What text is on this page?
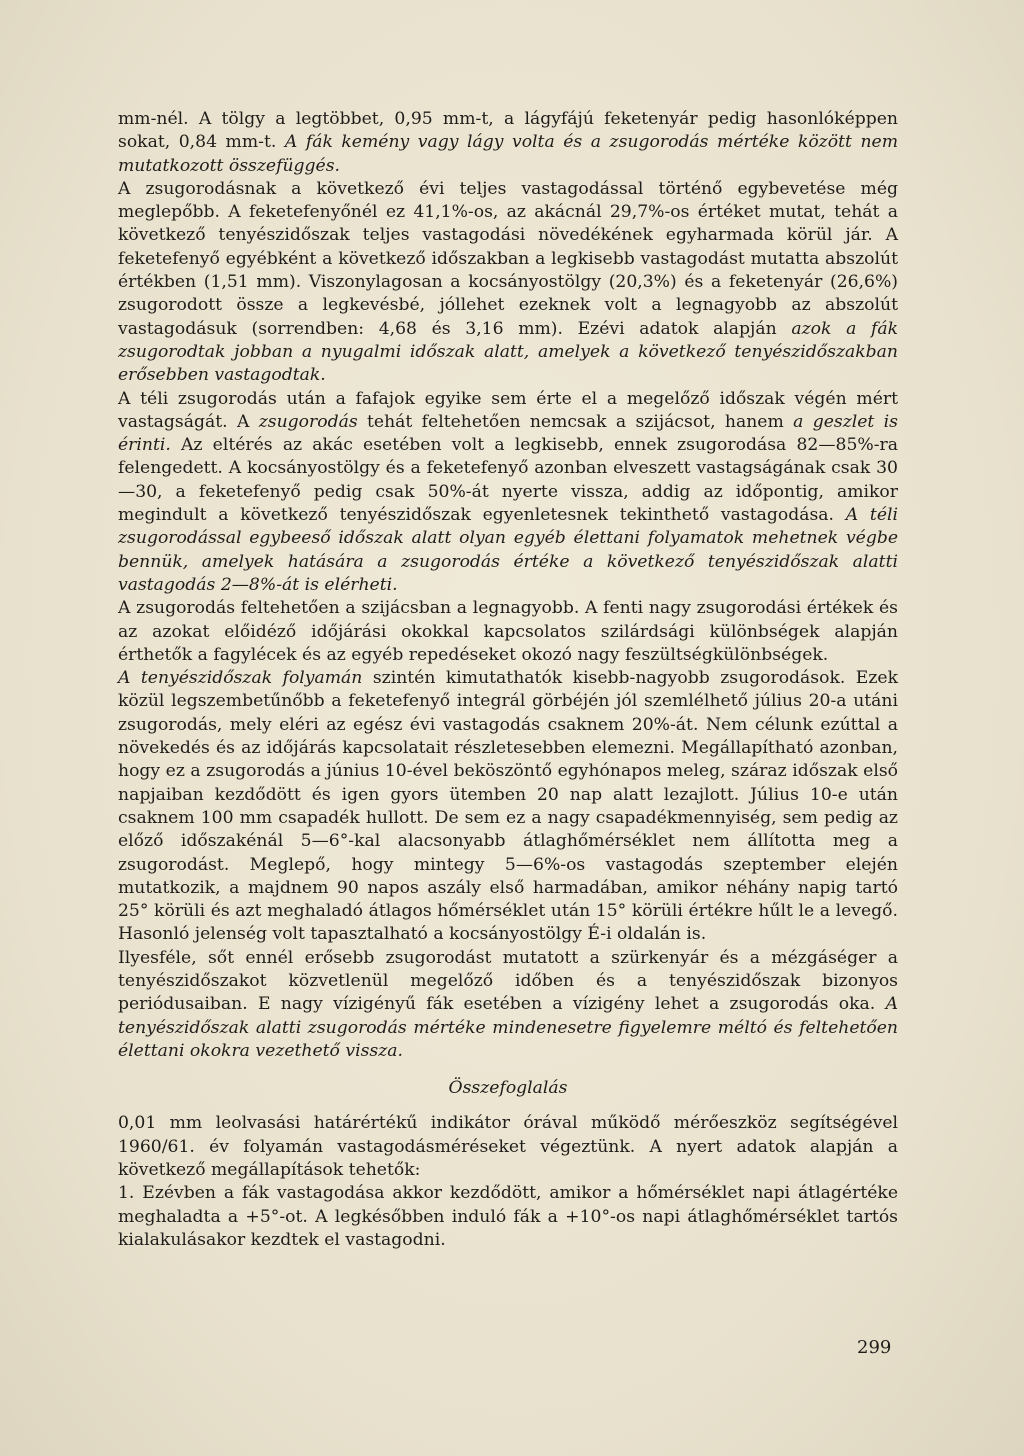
mm-nél. A tölgy a legtöbbet, 0,95 mm-t, a lágyfájú feketenyár pedig hasonlóképpen sokat, 0,84 mm-t. A fák kemény vagy lágy volta és a zsugorodás mértéke között nem mutatkozott összefüggés.

A zsugorodásnak a következő évi teljes vastagodással történő egybevetése még meglepőbb. A feketefenyőnél ez 41,1%-os, az akácnál 29,7%-os értéket mutat, tehát a következő tenyészidőszak teljes vastagodási növedékének egyharmada körül jár. A feketefenyő egyébként a következő időszakban a legkisebb vastagodást mutatta abszolút értékben (1,51 mm). Viszonylagosan a kocsányostölgy (20,3%) és a feketenyár (26,6%) zsugorodott össze a legkevésbé, jóllehet ezeknek volt a legnagyobb az abszolút vastagodásuk (sorrendben: 4,68 és 3,16 mm). Ezévi adatok alapján azok a fák zsugorodtak jobban a nyugalmi időszak alatt, amelyek a következő tenyészidőszakban erősebben vastagodtak.

A téli zsugorodás után a fafajok egyike sem érte el a megelőző időszak végén mért vastagságát. A zsugorodás tehát feltehetően nemcsak a szijácsot, hanem a geszlet is érinti. Az eltérés az akác esetében volt a legkisebb, ennek zsugorodása 82—85%-ra felengedett. A kocsányostölgy és a feketefenyő azonban elveszett vastagságának csak 30—30, a feketefenyő pedig csak 50%-át nyerte vissza, addig az időpontig, amikor megindult a következő tenyészidőszak egyenletesnek tekinthető vastagodása. A téli zsugorodással egybeeső időszak alatt olyan egyéb élettani folyamatok mehetnek végbe bennük, amelyek hatására a zsugorodás értéke a következő tenyészidőszak alatti vastagodás 2—8%-át is elérheti.

A zsugorodás feltehetően a szijácsban a legnagyobb. A fenti nagy zsugorodási értékek és az azokat előidéző időjárási okokkal kapcsolatos szilárdsági különbségek alapján érthetők a fagylécek és az egyéb repedéseket okozó nagy feszültségkülönbségek.

A tenyészidőszak folyamán szintén kimutathatók kisebb-nagyobb zsugorodások. Ezek közül legszembetűnőbb a feketefenyő integrál görbéjén jól szemlélhető július 20-a utáni zsugorodás, mely eléri az egész évi vastagodás csaknem 20%-át. Nem célunk ezúttal a növekedés és az időjárás kapcsolatait részletesebben elemezni. Megállapítható azonban, hogy ez a zsugorodás a június 10-ével beköszöntő egyhónapos meleg, száraz időszak első napjaiban kezdődött és igen gyors ütemben 20 nap alatt lezajlott. Július 10-e után csaknem 100 mm csapadék hullott. De sem ez a nagy csapadékmennyiség, sem pedig az előző időszakénál 5—6°-kal alacsonyabb átlaghőmérséklet nem állította meg a zsugorodást. Meglepő, hogy mintegy 5—6%-os vastagodás szeptember elején mutatkozik, a majdnem 90 napos aszály első harmadában, amikor néhány napig tartó 25° körüli és azt meghaladó átlagos hőmérséklet után 15° körüli értékre hűlt le a levegő. Hasonló jelenség volt tapasztalható a kocsányostölgy É-i oldalán is.

Ilyesféle, sőt ennél erősebb zsugorodást mutatott a szürkenyár és a mézgáséger a tenyészidőszakot közvetlenül megelőző időben és a tenyészidőszak bizonyos periódusaiban. E nagy vízigényű fák esetében a vízigény lehet a zsugorodás oka. A tenyészidőszak alatti zsugorodás mértéke mindenesetre figyelemre méltó és feltehetően élettani okokra vezethető vissza.

Összefoglalás

0,01 mm leolvasási határértékű indikátor órával működő mérőeszköz segítségével 1960/61. év folyamán vastagodásméréseket végeztünk. A nyert adatok alapján a következő megállapítások tehetők:

1. Ezévben a fák vastagodása akkor kezdődött, amikor a hőmérséklet napi átlagértéke meghaladta a +5°-ot. A legkésőbben induló fák a +10°-os napi átlaghőmérséklet tartós kialakulásakor kezdtek el vastagodni.

299
